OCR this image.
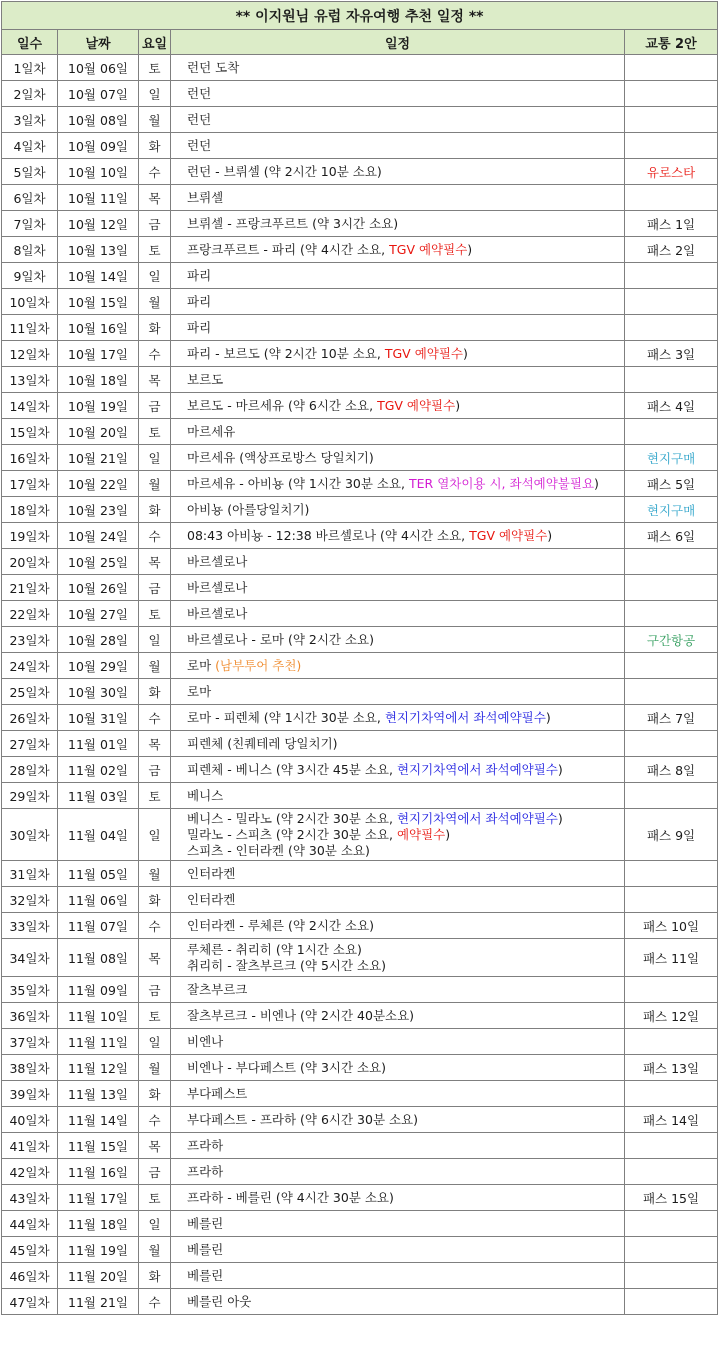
** 이지원님 유럽 자유여행 추천 일정 **				
일수	날짜	요일	일정	교통 2안
1일차	10월 06일	토	런던 도착	

2일차	10월 07일	일	런던	

3일차	10월 08일	월	런던	

4일차	10월 09일	화	런던	

5일차	10월 10일	수	런던 - 브뤼셀 (약 2시간 10분 소요)	유로스타
6일차	10월 11일	목	브뤼셀	

7일차	10월 12일	금	브뤼셀 - 프랑크푸르트 (약 3시간 소요)	패스 1일
8일차	10월 13일	토	프랑크푸르트 - 파리 (약 4시간 소요, TGV 예약필수)	패스 2일
9일차	10월 14일	일	파리	

10일차	10월 15일	월	파리	

11일차	10월 16일	화	파리	

12일차	10월 17일	수	파리 - 보르도 (약 2시간 10분 소요, TGV 예약필수)	패스 3일
13일차	10월 18일	목	보르도	

14일차	10월 19일	금	보르도 - 마르세유 (약 6시간 소요, TGV 예약필수)	패스 4일
15일차	10월 20일	토	마르세유	

16일차	10월 21일	일	마르세유 (액상프로방스 당일치기)	현지구매
17일차	10월 22일	월	마르세유 - 아비뇽 (약 1시간 30분 소요, TER 열차이용 시, 좌석예약불필요)	패스 5일
18일차	10월 23일	화	아비뇽 (아를당일치기)	현지구매
19일차	10월 24일	수	08:43 아비뇽 - 12:38 바르셀로나 (약 4시간 소요, TGV 예약필수)	패스 6일
20일차	10월 25일	목	바르셀로나	

21일차	10월 26일	금	바르셀로나	

22일차	10월 27일	토	바르셀로나	

23일차	10월 28일	일	바르셀로나 - 로마 (약 2시간 소요)	구간항공
24일차	10월 29일	월	로마 (남부투어 추천)	

25일차	10월 30일	화	로마	

26일차	10월 31일	수	로마 - 피렌체 (약 1시간 30분 소요, 현지기차역에서 좌석예약필수)	패스 7일
27일차	11월 01일	목	피렌체 (친퀘테레 당일치기)	

28일차	11월 02일	금	피렌체 - 베니스 (약 3시간 45분 소요, 현지기차역에서 좌석예약필수)	패스 8일
29일차	11월 03일	토	베니스	

30일차	11월 04일	일	베니스 - 밀라노 (약 2시간 30분 소요, 현지기차역에서 좌석예약필수)
밀라노 - 스피츠 (약 2시간 30분 소요, 예약필수)
스피츠 - 인터라켄 (약 30분 소요)	패스 9일
31일차	11월 05일	월	인터라켄	

32일차	11월 06일	화	인터라켄	

33일차	11월 07일	수	인터라켄 - 루체른 (약 2시간 소요)	패스 10일
34일차	11월 08일	목	루체른 - 취리히 (약 1시간 소요)
취리히 - 잘츠부르크 (약 5시간 소요)	패스 11일
35일차	11월 09일	금	잘츠부르크	

36일차	11월 10일	토	잘츠부르크 - 비엔나 (약 2시간 40분소요)	패스 12일
37일차	11월 11일	일	비엔나	

38일차	11월 12일	월	비엔나 - 부다페스트 (약 3시간 소요)	패스 13일
39일차	11월 13일	화	부다페스트	

40일차	11월 14일	수	부다페스트 - 프라하 (약 6시간 30분 소요)	패스 14일
41일차	11월 15일	목	프라하	

42일차	11월 16일	금	프라하	

43일차	11월 17일	토	프라하 - 베를린 (약 4시간 30분 소요)	패스 15일
44일차	11월 18일	일	베를린	

45일차	11월 19일	월	베를린	

46일차	11월 20일	화	베를린	

47일차	11월 21일	수	베를린 아웃	
